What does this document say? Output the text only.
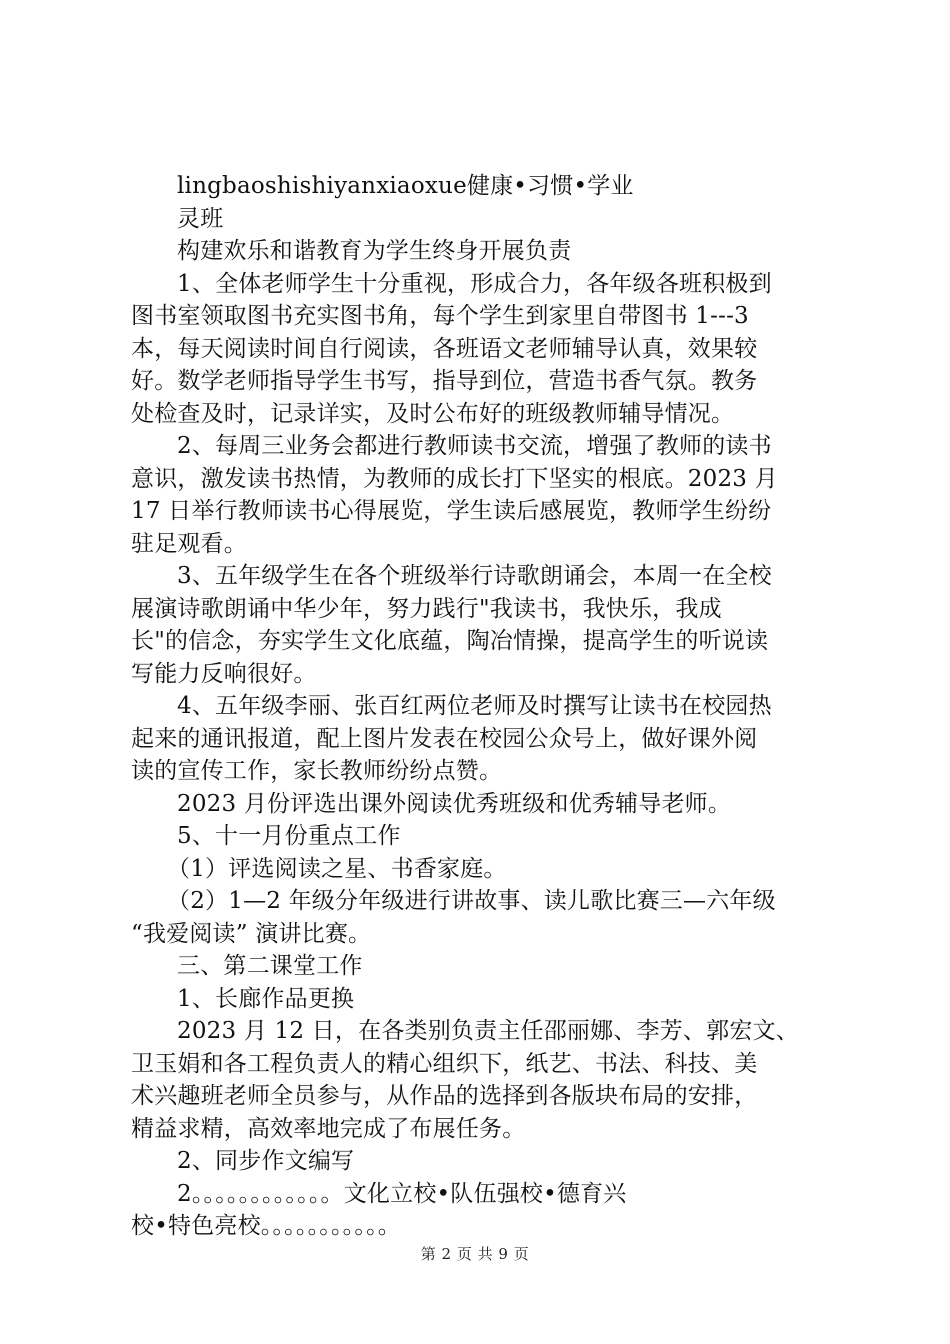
lingbaoshishiyanxiaoxue健康•习惯•学业
灵班
构建欢乐和谐教育为学生终身开展负责
1、全体老师学生十分重视，形成合力，各年级各班积极到
图书室领取图书充实图书角，每个学生到家里自带图书 1---3
本，每天阅读时间自行阅读，各班语文老师辅导认真，效果较
好。数学老师指导学生书写，指导到位，营造书香气氛。教务
处检查及时，记录详实，及时公布好的班级教师辅导情况。
2、每周三业务会都进行教师读书交流，增强了教师的读书
意识，激发读书热情，为教师的成长打下坚实的根底。2023 月
17 日举行教师读书心得展览，学生读后感展览，教师学生纷纷
驻足观看。
3、五年级学生在各个班级举行诗歌朗诵会，本周一在全校
展演诗歌朗诵中华少年，努力践行"我读书，我快乐，我成
长"的信念，夯实学生文化底蕴，陶冶情操，提高学生的听说读
写能力反响很好。
4、五年级李丽、张百红两位老师及时撰写让读书在校园热
起来的通讯报道，配上图片发表在校园公众号上，做好课外阅
读的宣传工作，家长教师纷纷点赞。
2023 月份评选出课外阅读优秀班级和优秀辅导老师。
5、十一月份重点工作
（1）评选阅读之星、书香家庭。
（2）1—2 年级分年级进行讲故事、读儿歌比赛三—六年级
“我爱阅读” 演讲比赛。
三、第二课堂工作
1、长廊作品更换
2023 月 12 日，在各类别负责主任邵丽娜、李芳、郭宏文、
卫玉娟和各工程负责人的精心组织下，纸艺、书法、科技、美
术兴趣班老师全员参与，从作品的选择到各版块布局的安排，
精益求精，高效率地完成了布展任务。
2、同步作文编写
2。。。。。。。。。。。。文化立校•队伍强校•德育兴
校•特色亮校。。。。。。。。。。。
第 2 页 共 9 页
